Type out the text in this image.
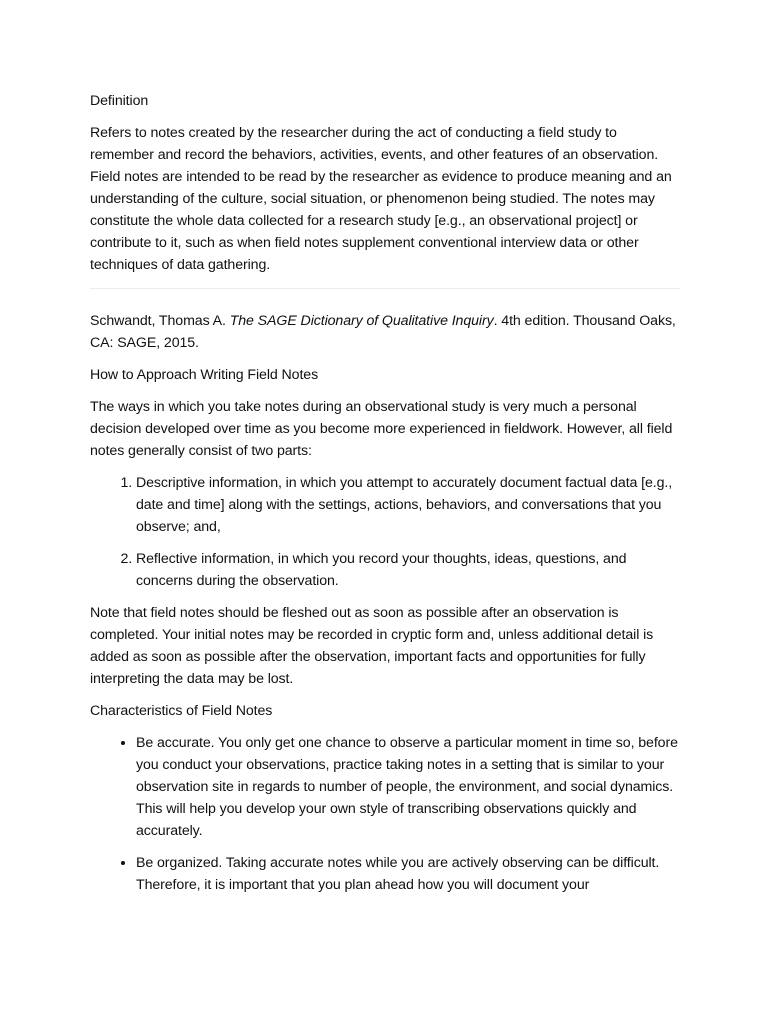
Definition

Refers to notes created by the researcher during the act of conducting a field study to remember and record the behaviors, activities, events, and other features of an observation. Field notes are intended to be read by the researcher as evidence to produce meaning and an understanding of the culture, social situation, or phenomenon being studied. The notes may constitute the whole data collected for a research study [e.g., an observational project] or contribute to it, such as when field notes supplement conventional interview data or other techniques of data gathering.

Schwandt, Thomas A. The SAGE Dictionary of Qualitative Inquiry. 4th edition. Thousand Oaks, CA: SAGE, 2015.

How to Approach Writing Field Notes

The ways in which you take notes during an observational study is very much a personal decision developed over time as you become more experienced in fieldwork. However, all field notes generally consist of two parts:

1. Descriptive information, in which you attempt to accurately document factual data [e.g., date and time] along with the settings, actions, behaviors, and conversations that you observe; and,
2. Reflective information, in which you record your thoughts, ideas, questions, and concerns during the observation.

Note that field notes should be fleshed out as soon as possible after an observation is completed. Your initial notes may be recorded in cryptic form and, unless additional detail is added as soon as possible after the observation, important facts and opportunities for fully interpreting the data may be lost.

Characteristics of Field Notes

• Be accurate. You only get one chance to observe a particular moment in time so, before you conduct your observations, practice taking notes in a setting that is similar to your observation site in regards to number of people, the environment, and social dynamics. This will help you develop your own style of transcribing observations quickly and accurately.
• Be organized. Taking accurate notes while you are actively observing can be difficult. Therefore, it is important that you plan ahead how you will document your
